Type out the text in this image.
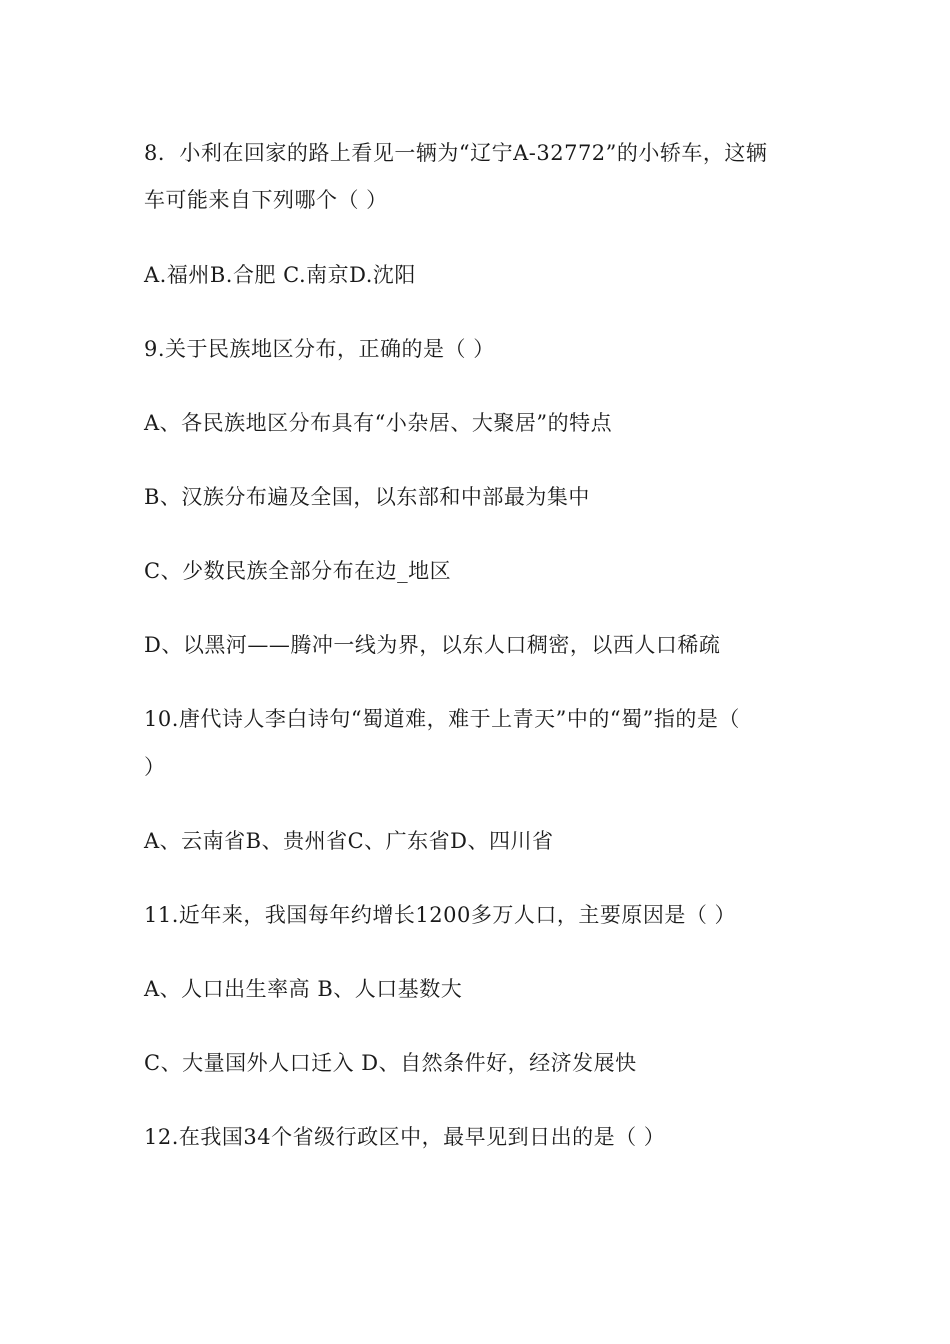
8．小利在回家的路上看见一辆为“辽宁A-32772”的小轿车，这辆
车可能来自下列哪个（ ）
A.福州B.合肥 C.南京D.沈阳
9.关于民族地区分布，正确的是（ ）
A、各民族地区分布具有“小杂居、大聚居”的特点
B、汉族分布遍及全国，以东部和中部最为集中
C、少数民族全部分布在边_地区
D、以黑河——腾冲一线为界，以东人口稠密，以西人口稀疏
10.唐代诗人李白诗句“蜀道难，难于上青天”中的“蜀”指的是（
）
A、云南省B、贵州省C、广东省D、四川省
11.近年来，我国每年约增长1200多万人口，主要原因是（ ）
A、人口出生率高 B、人口基数大
C、大量国外人口迁入 D、自然条件好，经济发展快
12.在我国34个省级行政区中，最早见到日出的是（ ）
